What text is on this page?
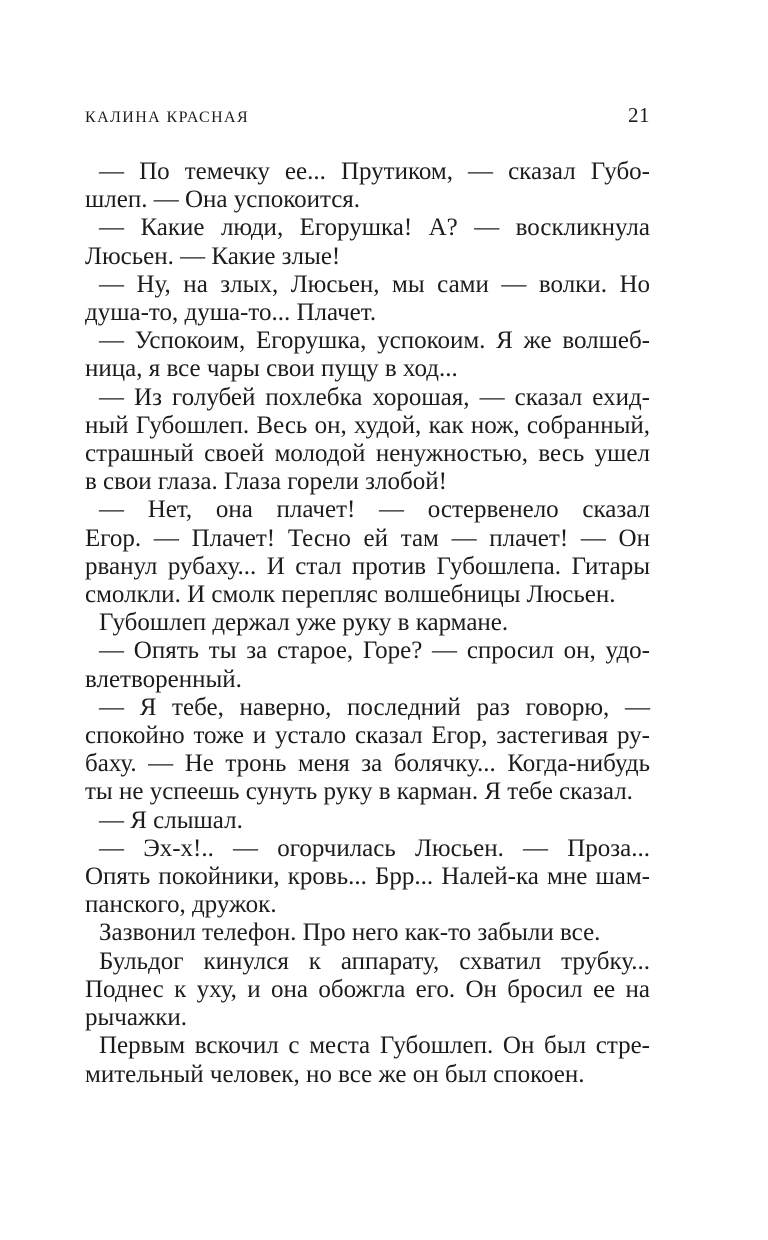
КАЛИНА КРАСНАЯ	21
— По темечку ее... Прутиком, — сказал Губо-
шлеп. — Она успокоится.
— Какие люди, Егорушка! А? — воскликнула
Люсьен. — Какие злые!
— Ну, на злых, Люсьен, мы сами — волки. Но
душа-то, душа-то... Плачет.
— Успокоим, Егорушка, успокоим. Я же волшеб-
ница, я все чары свои пущу в ход...
— Из голубей похлебка хорошая, — сказал ехид-
ный Губошлеп. Весь он, худой, как нож, собранный,
страшный своей молодой ненужностью, весь ушел
в свои глаза. Глаза горели злобой!
— Нет, она плачет! — остервенело сказал
Егор. — Плачет! Тесно ей там — плачет! — Он
рванул рубаху... И стал против Губошлепа. Гитары
смолкли. И смолк перепляс волшебницы Люсьен.
Губошлеп держал уже руку в кармане.
— Опять ты за старое, Горе? — спросил он, удо-
влетворенный.
— Я тебе, наверно, последний раз говорю, —
спокойно тоже и устало сказал Егор, застегивая ру-
баху. — Не тронь меня за болячку... Когда-нибудь
ты не успеешь сунуть руку в карман. Я тебе сказал.
— Я слышал.
— Эх-х!.. — огорчилась Люсьен. — Проза...
Опять покойники, кровь... Брр... Налей-ка мне шам-
панского, дружок.
Зазвонил телефон. Про него как-то забыли все.
Бульдог кинулся к аппарату, схватил трубку...
Поднес к уху, и она обожгла его. Он бросил ее на
рычажки.
Первым вскочил с места Губошлеп. Он был стре-
мительный человек, но все же он был спокоен.
